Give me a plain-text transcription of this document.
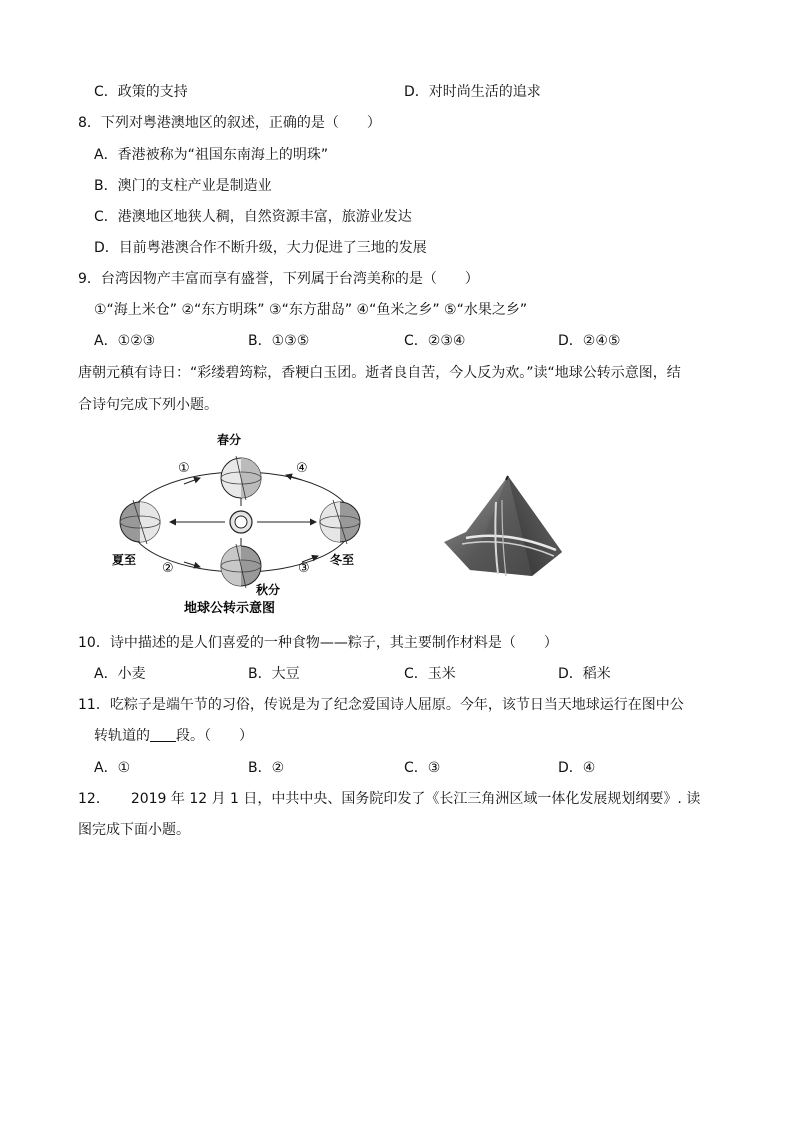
C．政策的支持	D．对时尚生活的追求
8．下列对粤港澳地区的叙述，正确的是（　　）
A．香港被称为“祖国东南海上的明珠”
B．澳门的支柱产业是制造业
C．港澳地区地狭人稠，自然资源丰富，旅游业发达
D．目前粤港澳合作不断升级，大力促进了三地的发展
9．台湾因物产丰富而享有盛誉，下列属于台湾美称的是（　　）
①“海上米仓” ②“东方明珠” ③“东方甜岛” ④“鱼米之乡” ⑤“水果之乡”
A．①②③	B．①③⑤	C．②③④	D．②④⑤
唐朝元稹有诗日：“彩缕碧筠粽，香粳白玉团。逝者良自苦，今人反为欢。”读“地球公转示意图，结
合诗句完成下列小题。
春分
夏至
秋分
冬至
①
②	③
④
地球公转示意图
10．诗中描述的是人们喜爱的一种食物——粽子，其主要制作材料是（　　）
A．小麦	B．大豆	C．玉米	D．稻米
11．吃粽子是端午节的习俗，传说是为了纪念爱国诗人屈原。今年，该节日当天地球运行在图中公
转轨道的 段。（　　）
A．①	B．②	C．③	D．④
12．　　2019 年 12 月 1 日，中共中央、国务院印发了《长江三角洲区域一体化发展规划纲要》. 读
图完成下面小题。
